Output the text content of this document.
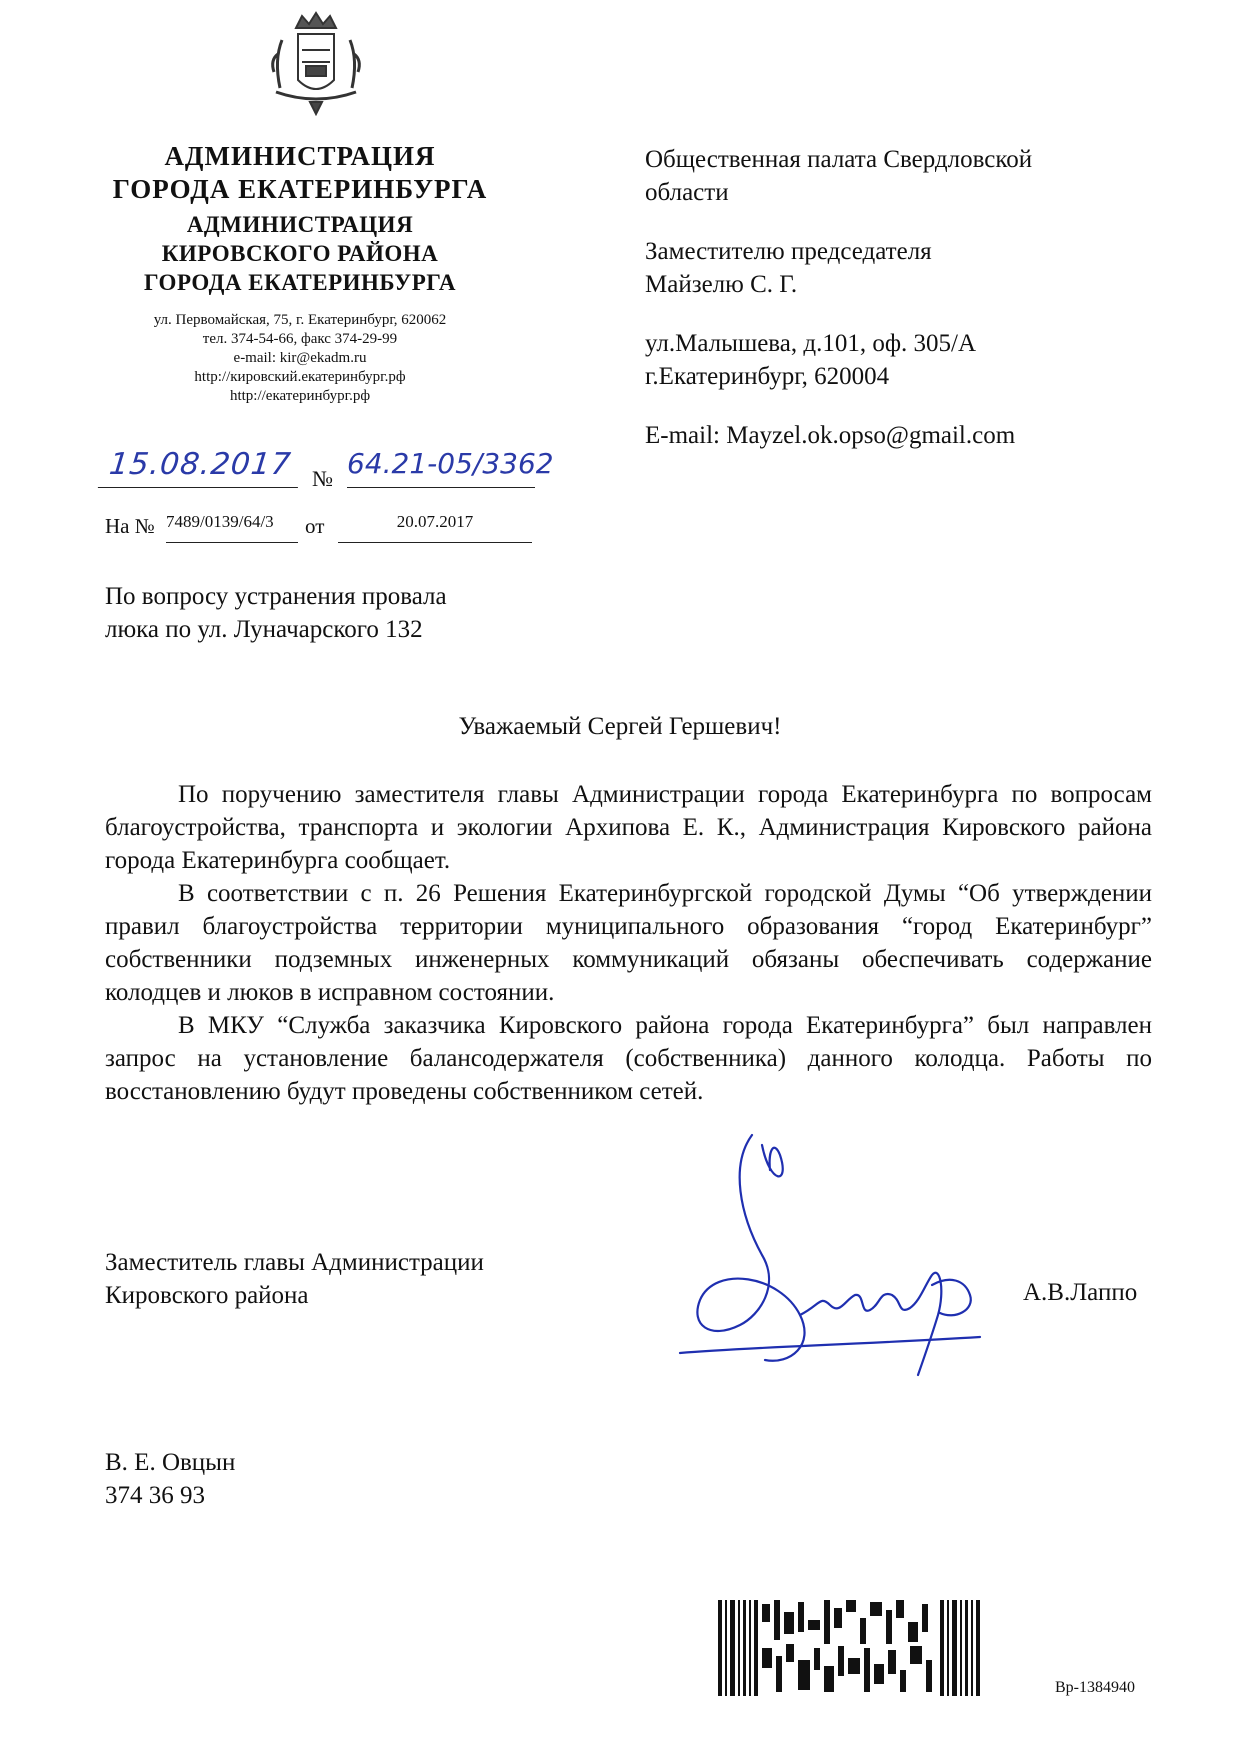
АДМИНИСТРАЦИЯ
ГОРОДА ЕКАТЕРИНБУРГА
АДМИНИСТРАЦИЯ
КИРОВСКОГО РАЙОНА
ГОРОДА ЕКАТЕРИНБУРГА
ул. Первомайская, 75, г. Екатеринбург, 620062
тел. 374-54-66, факс 374-29-99
e-mail: kir@ekadm.ru
http://кировский.екатеринбург.рф
http://екатеринбург.рф
15.08.2017 № 64.21-05/3362
На № 7489/0139/64/3	от	20.07.2017

Общественная палата Свердловской

области

Заместителю председателя

Майзелю С. Г.

ул.Малышева, д.101, оф. 305/А

г.Екатеринбург, 620004

E-mail: Mayzel.ok.opso@gmail.com

По вопросу устранения провала
люка по ул. Луначарского 132
Уважаемый Сергей Гершевич!

По поручению заместителя главы Администрации города Екатеринбурга по вопросам благоустройства, транспорта и экологии Архипова Е. К., Администрация Кировского района города Екатеринбурга сообщает.

В соответствии с п. 26 Решения Екатеринбургской городской Думы “Об утверждении правил благоустройства территории муниципального образования “город Екатеринбург” собственники подземных инженерных коммуникаций обязаны обеспечивать содержание колодцев и люков в исправном состоянии.

В МКУ “Служба заказчика Кировского района города Екатеринбурга” был направлен запрос на установление балансодержателя (собственника) данного колодца. Работы по восстановлению будут проведены собственником сетей.

Заместитель главы Администрации
Кировского района	А.В.Лаппо
В. Е. Овцын
374 36 93
Вр-1384940
